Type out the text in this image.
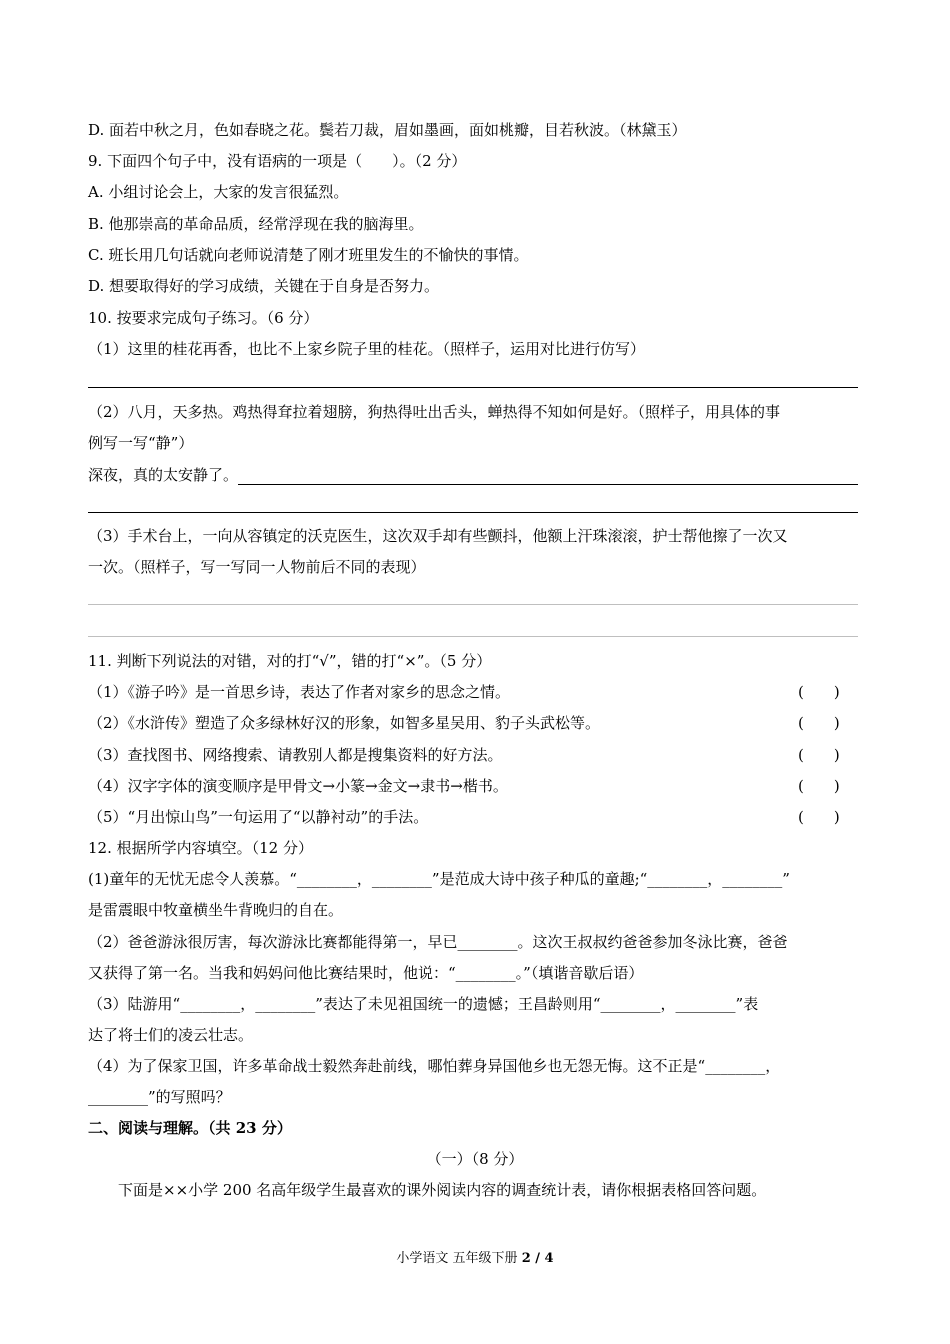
D. 面若中秋之月，色如春晓之花。鬓若刀裁，眉如墨画，面如桃瓣，目若秋波。（林黛玉）
9. 下面四个句子中，没有语病的一项是（　　）。（2 分）
A. 小组讨论会上，大家的发言很猛烈。
B. 他那崇高的革命品质，经常浮现在我的脑海里。
C. 班长用几句话就向老师说清楚了刚才班里发生的不愉快的事情。
D. 想要取得好的学习成绩，关键在于自身是否努力。
10. 按要求完成句子练习。（6 分）
（1）这里的桂花再香，也比不上家乡院子里的桂花。（照样子，运用对比进行仿写）
（2）八月，天多热。鸡热得耷拉着翅膀，狗热得吐出舌头，蝉热得不知如何是好。（照样子，用具体的事
例写一写“静”）
深夜，真的太安静了。
（3）手术台上，一向从容镇定的沃克医生，这次双手却有些颤抖，他额上汗珠滚滚，护士帮他擦了一次又
一次。（照样子，写一写同一人物前后不同的表现）
11. 判断下列说法的对错，对的打“√”，错的打“×”。（5 分）
（1）《游子吟》是一首思乡诗，表达了作者对家乡的思念之情。	(　　)
（2）《水浒传》塑造了众多绿林好汉的形象，如智多星吴用、豹子头武松等。	(　　)
（3）查找图书、网络搜索、请教别人都是搜集资料的好方法。	(　　)
（4）汉字字体的演变顺序是甲骨文→小篆→金文→隶书→楷书。	(　　)
（5）“月出惊山鸟”一句运用了“以静衬动”的手法。	(　　)
12. 根据所学内容填空。（12 分）
(1)童年的无忧无虑令人羡慕。“________，________”是范成大诗中孩子种瓜的童趣;“________，________”
是雷震眼中牧童横坐牛背晚归的自在。
（2）爸爸游泳很厉害，每次游泳比赛都能得第一，早已________。这次王叔叔约爸爸参加冬泳比赛，爸爸
又获得了第一名。当我和妈妈问他比赛结果时，他说：“________。”（填谐音歇后语）
（3）陆游用“________，________”表达了未见祖国统一的遗憾；王昌龄则用“________，________”表
达了将士们的凌云壮志。
（4）为了保家卫国，许多革命战士毅然奔赴前线，哪怕葬身异国他乡也无怨无悔。这不正是“________，
________”的写照吗？
二、阅读与理解。（共 23 分）
（一）（8 分）
下面是××小学 200 名高年级学生最喜欢的课外阅读内容的调查统计表，请你根据表格回答问题。
小学语文 五年级下册 2 / 4
